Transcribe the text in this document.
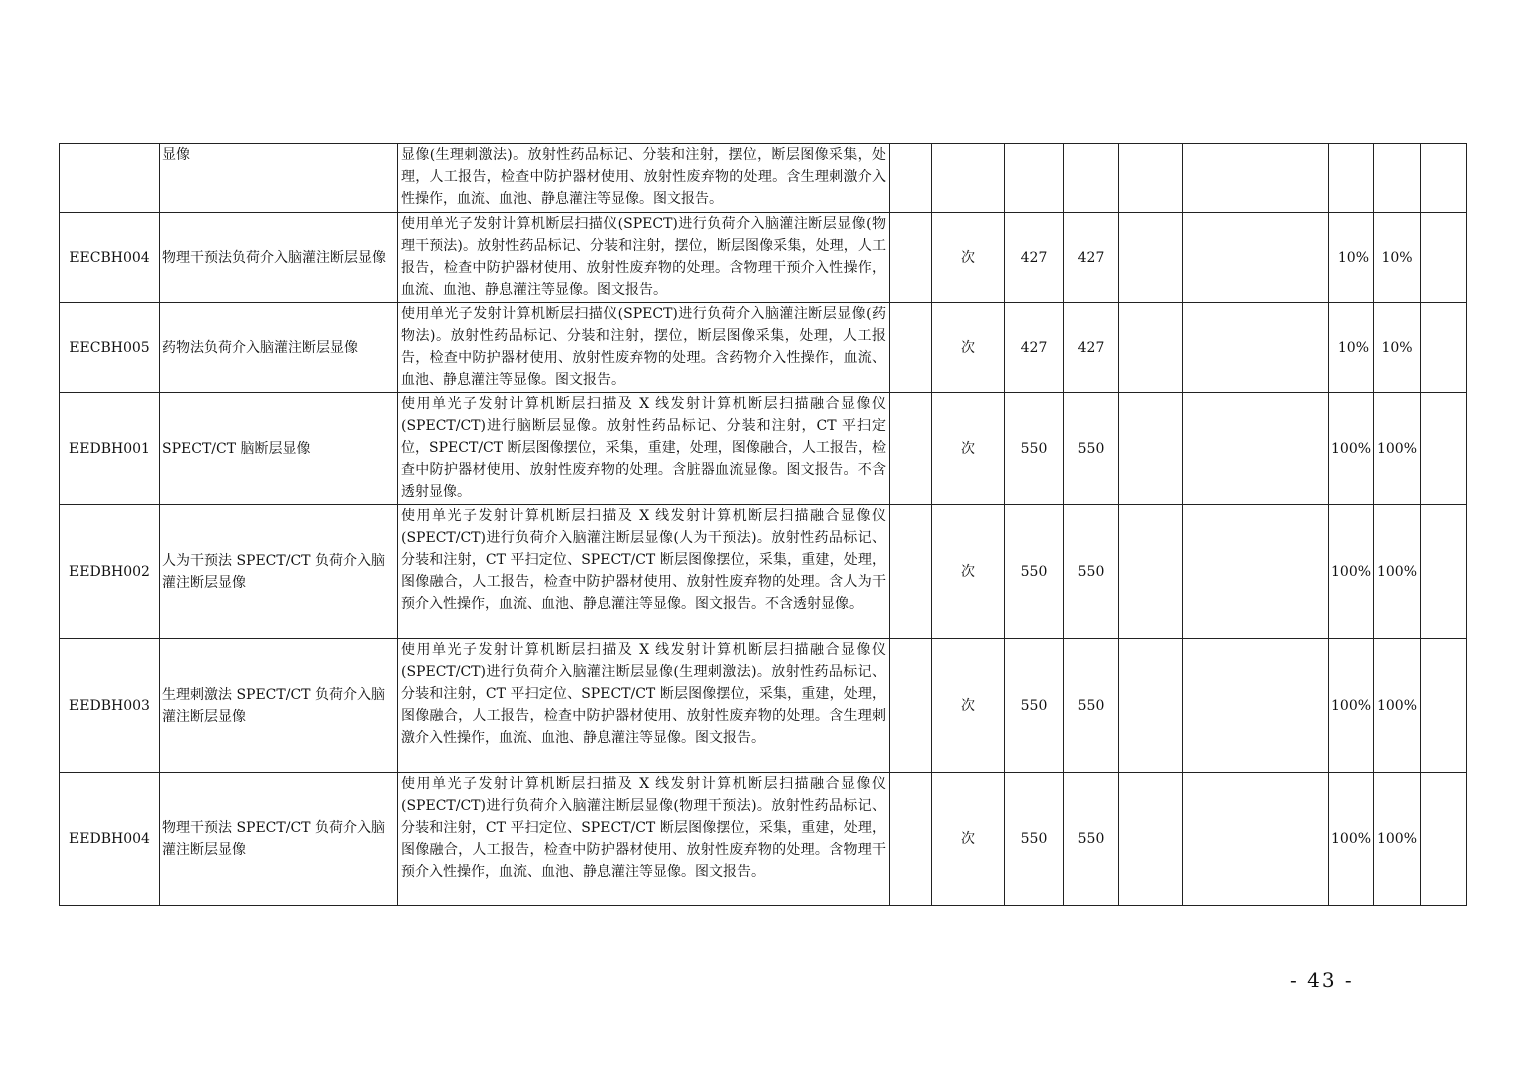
	显像	显像(生理刺激法)。放射性药品标记、分装和注射，摆位，断层图像采集，处理，人工报告，检查中防护器材使用、放射性废弃物的处理。含生理刺激介入性操作，血流、血池、静息灌注等显像。图文报告。									
EECBH004	物理干预法负荷介入脑灌注断层显像	使用单光子发射计算机断层扫描仪(SPECT)进行负荷介入脑灌注断层显像(物理干预法)。放射性药品标记、分装和注射，摆位，断层图像采集，处理，人工报告，检查中防护器材使用、放射性废弃物的处理。含物理干预介入性操作，血流、血池、静息灌注等显像。图文报告。		次	427	427			10%	10%	
EECBH005	药物法负荷介入脑灌注断层显像	使用单光子发射计算机断层扫描仪(SPECT)进行负荷介入脑灌注断层显像(药物法)。放射性药品标记、分装和注射，摆位，断层图像采集，处理，人工报告，检查中防护器材使用、放射性废弃物的处理。含药物介入性操作，血流、血池、静息灌注等显像。图文报告。		次	427	427			10%	10%	
EEDBH001	SPECT/CT 脑断层显像	使用单光子发射计算机断层扫描及 X 线发射计算机断层扫描融合显像仪(SPECT/CT)进行脑断层显像。放射性药品标记、分装和注射，CT 平扫定位，SPECT/CT 断层图像摆位，采集，重建，处理，图像融合，人工报告，检查中防护器材使用、放射性废弃物的处理。含脏器血流显像。图文报告。不含透射显像。		次	550	550			100%	100%	
EEDBH002	人为干预法 SPECT/CT 负荷介入脑灌注断层显像	使用单光子发射计算机断层扫描及 X 线发射计算机断层扫描融合显像仪(SPECT/CT)进行负荷介入脑灌注断层显像(人为干预法)。放射性药品标记、分装和注射，CT 平扫定位、SPECT/CT 断层图像摆位，采集，重建，处理，图像融合，人工报告，检查中防护器材使用、放射性废弃物的处理。含人为干预介入性操作，血流、血池、静息灌注等显像。图文报告。不含透射显像。		次	550	550			100%	100%	
EEDBH003	生理刺激法 SPECT/CT 负荷介入脑灌注断层显像	使用单光子发射计算机断层扫描及 X 线发射计算机断层扫描融合显像仪(SPECT/CT)进行负荷介入脑灌注断层显像(生理刺激法)。放射性药品标记、分装和注射，CT 平扫定位、SPECT/CT 断层图像摆位，采集，重建，处理，图像融合，人工报告，检查中防护器材使用、放射性废弃物的处理。含生理刺激介入性操作，血流、血池、静息灌注等显像。图文报告。		次	550	550			100%	100%	
EEDBH004	物理干预法 SPECT/CT 负荷介入脑灌注断层显像	使用单光子发射计算机断层扫描及 X 线发射计算机断层扫描融合显像仪(SPECT/CT)进行负荷介入脑灌注断层显像(物理干预法)。放射性药品标记、分装和注射，CT 平扫定位、SPECT/CT 断层图像摆位，采集，重建，处理，图像融合，人工报告，检查中防护器材使用、放射性废弃物的处理。含物理干预介入性操作，血流、血池、静息灌注等显像。图文报告。		次	550	550			100%	100%	
- 43 -
